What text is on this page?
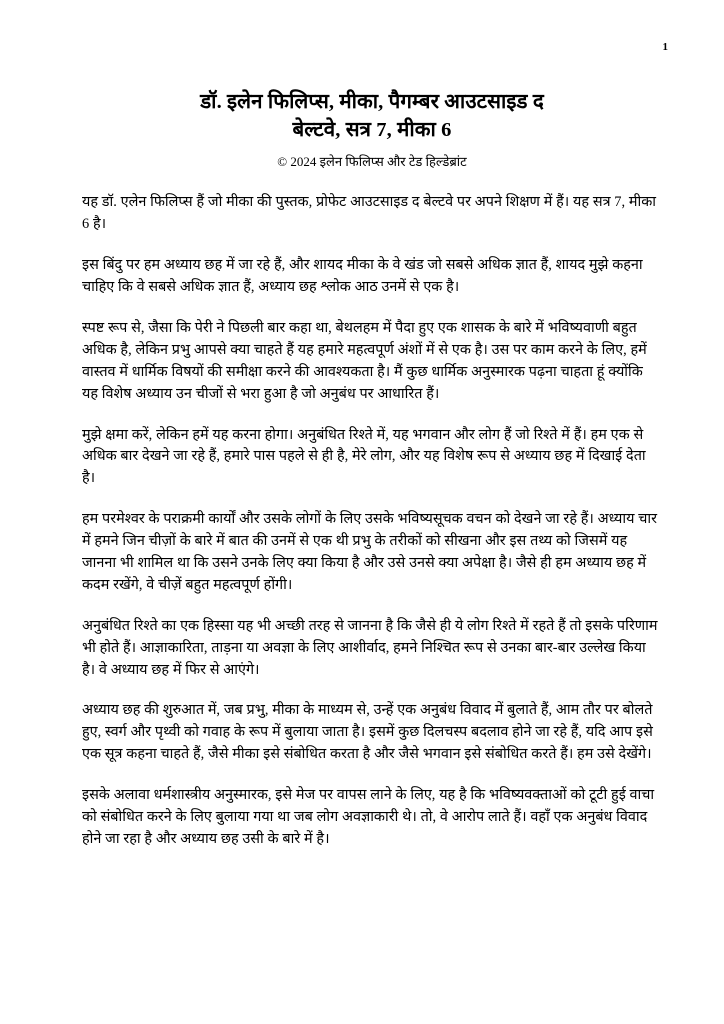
1
डॉ. इलेन फिलिप्स, मीका, पैगम्बर आउटसाइड द
बेल्टवे, सत्र 7, मीका 6
© 2024 इलेन फिलिप्स और टेड हिल्डेब्रांट

यह डॉ. एलेन फिलिप्स हैं जो मीका की पुस्तक, प्रोफेट आउटसाइड द बेल्टवे पर अपने शिक्षण में हैं। यह सत्र 7, मीका 6 है।

इस बिंदु पर हम अध्याय छह में जा रहे हैं, और शायद मीका के वे खंड जो सबसे अधिक ज्ञात हैं, शायद मुझे कहना चाहिए कि वे सबसे अधिक ज्ञात हैं, अध्याय छह श्लोक आठ उनमें से एक है।

स्पष्ट रूप से, जैसा कि पेरी ने पिछली बार कहा था, बेथलहम में पैदा हुए एक शासक के बारे में भविष्यवाणी बहुत अधिक है, लेकिन प्रभु आपसे क्या चाहते हैं यह हमारे महत्वपूर्ण अंशों में से एक है। उस पर काम करने के लिए, हमें वास्तव में धार्मिक विषयों की समीक्षा करने की आवश्यकता है। मैं कुछ धार्मिक अनुस्मारक पढ़ना चाहता हूं क्योंकि यह विशेष अध्याय उन चीजों से भरा हुआ है जो अनुबंध पर आधारित हैं।

मुझे क्षमा करें, लेकिन हमें यह करना होगा। अनुबंधित रिश्ते में, यह भगवान और लोग हैं जो रिश्ते में हैं। हम एक से अधिक बार देखने जा रहे हैं, हमारे पास पहले से ही है, मेरे लोग, और यह विशेष रूप से अध्याय छह में दिखाई देता है।

हम परमेश्वर के पराक्रमी कार्यों और उसके लोगों के लिए उसके भविष्यसूचक वचन को देखने जा रहे हैं। अध्याय चार में हमने जिन चीज़ों के बारे में बात की उनमें से एक थी प्रभु के तरीकों को सीखना और इस तथ्य को जिसमें यह जानना भी शामिल था कि उसने उनके लिए क्या किया है और उसे उनसे क्या अपेक्षा है। जैसे ही हम अध्याय छह में कदम रखेंगे, वे चीज़ें बहुत महत्वपूर्ण होंगी।

अनुबंधित रिश्ते का एक हिस्सा यह भी अच्छी तरह से जानना है कि जैसे ही ये लोग रिश्ते में रहते हैं तो इसके परिणाम भी होते हैं। आज्ञाकारिता, ताड़ना या अवज्ञा के लिए आशीर्वाद, हमने निश्चित रूप से उनका बार-बार उल्लेख किया है। वे अध्याय छह में फिर से आएंगे।

अध्याय छह की शुरुआत में, जब प्रभु, मीका के माध्यम से, उन्हें एक अनुबंध विवाद में बुलाते हैं, आम तौर पर बोलते हुए, स्वर्ग और पृथ्वी को गवाह के रूप में बुलाया जाता है। इसमें कुछ दिलचस्प बदलाव होने जा रहे हैं, यदि आप इसे एक सूत्र कहना चाहते हैं, जैसे मीका इसे संबोधित करता है और जैसे भगवान इसे संबोधित करते हैं। हम उसे देखेंगे।

इसके अलावा धर्मशास्त्रीय अनुस्मारक, इसे मेज पर वापस लाने के लिए, यह है कि भविष्यवक्ताओं को टूटी हुई वाचा को संबोधित करने के लिए बुलाया गया था जब लोग अवज्ञाकारी थे। तो, वे आरोप लाते हैं। वहाँ एक अनुबंध विवाद होने जा रहा है और अध्याय छह उसी के बारे में है।
